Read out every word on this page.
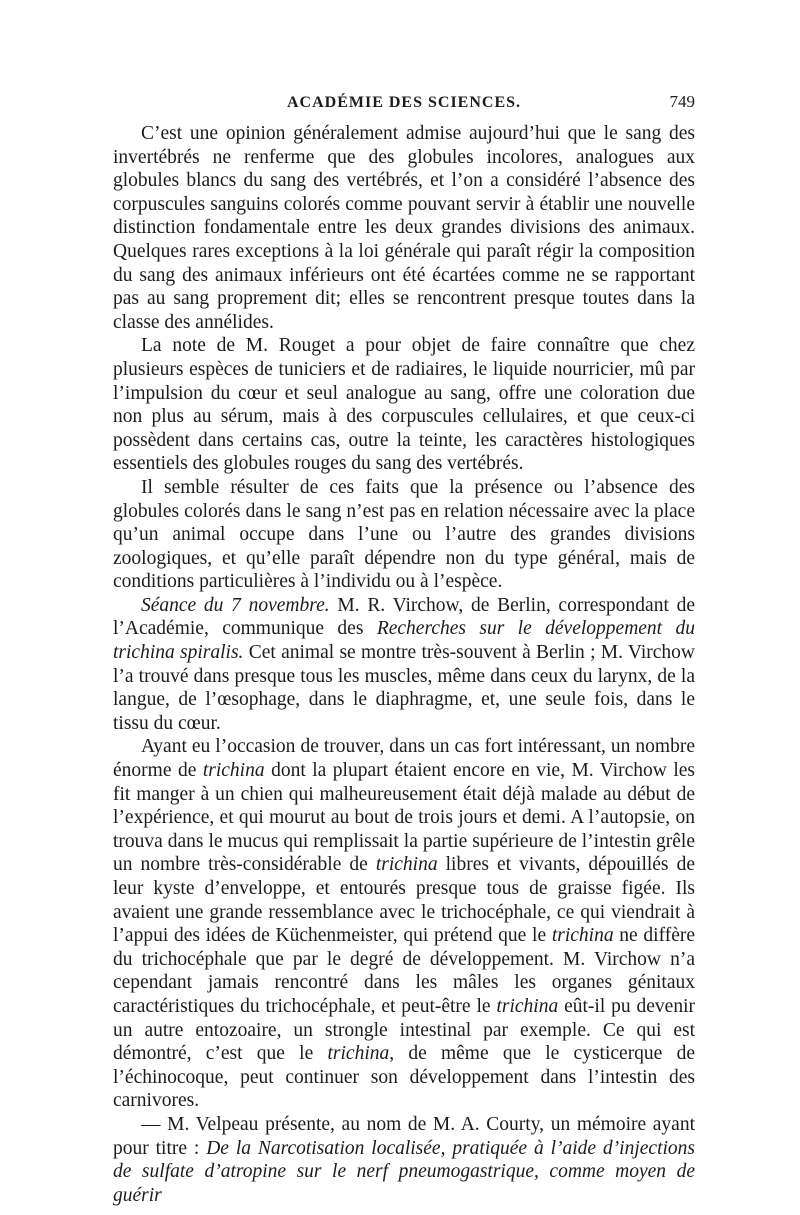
ACADÉMIE DES SCIENCES.	749

C’est une opinion généralement admise aujourd’hui que le sang des invertébrés ne renferme que des globules incolores, analogues aux globules blancs du sang des vertébrés, et l’on a considéré l’absence des corpuscules sanguins colorés comme pouvant servir à établir une nouvelle distinction fondamentale entre les deux grandes divisions des animaux. Quelques rares exceptions à la loi générale qui paraît régir la composition du sang des animaux inférieurs ont été écartées comme ne se rapportant pas au sang proprement dit; elles se rencontrent presque toutes dans la classe des annélides.

La note de M. Rouget a pour objet de faire connaître que chez plusieurs espèces de tuniciers et de radiaires, le liquide nourricier, mû par l’impulsion du cœur et seul analogue au sang, offre une coloration due non plus au sérum, mais à des corpuscules cellulaires, et que ceux-ci possèdent dans certains cas, outre la teinte, les caractères histologiques essentiels des globules rouges du sang des vertébrés.

Il semble résulter de ces faits que la présence ou l’absence des globules colorés dans le sang n’est pas en relation nécessaire avec la place qu’un animal occupe dans l’une ou l’autre des grandes divisions zoologiques, et qu’elle paraît dépendre non du type général, mais de conditions particulières à l’individu ou à l’espèce.

Séance du 7 novembre. M. R. Virchow, de Berlin, correspondant de l’Académie, communique des Recherches sur le développement du trichina spiralis. Cet animal se montre très-souvent à Berlin ; M. Virchow l’a trouvé dans presque tous les muscles, même dans ceux du larynx, de la langue, de l’œsophage, dans le diaphragme, et, une seule fois, dans le tissu du cœur.

Ayant eu l’occasion de trouver, dans un cas fort intéressant, un nombre énorme de trichina dont la plupart étaient encore en vie, M. Virchow les fit manger à un chien qui malheureusement était déjà malade au début de l’expérience, et qui mourut au bout de trois jours et demi. A l’autopsie, on trouva dans le mucus qui remplissait la partie supérieure de l’intestin grêle un nombre très-considérable de trichina libres et vivants, dépouillés de leur kyste d’enveloppe, et entourés presque tous de graisse figée. Ils avaient une grande ressemblance avec le trichocéphale, ce qui viendrait à l’appui des idées de Küchenmeister, qui prétend que le trichina ne diffère du trichocéphale que par le degré de développement. M. Virchow n’a cependant jamais rencontré dans les mâles les organes génitaux caractéristiques du trichocéphale, et peut-être le trichina eût-il pu devenir un autre entozoaire, un strongle intestinal par exemple. Ce qui est démontré, c’est que le trichina, de même que le cysticerque de l’échinocoque, peut continuer son développement dans l’intestin des carnivores.

— M. Velpeau présente, au nom de M. A. Courty, un mémoire ayant pour titre : De la Narcotisation localisée, pratiquée à l’aide d’injections de sulfate d’atropine sur le nerf pneumogastrique, comme moyen de guérir
